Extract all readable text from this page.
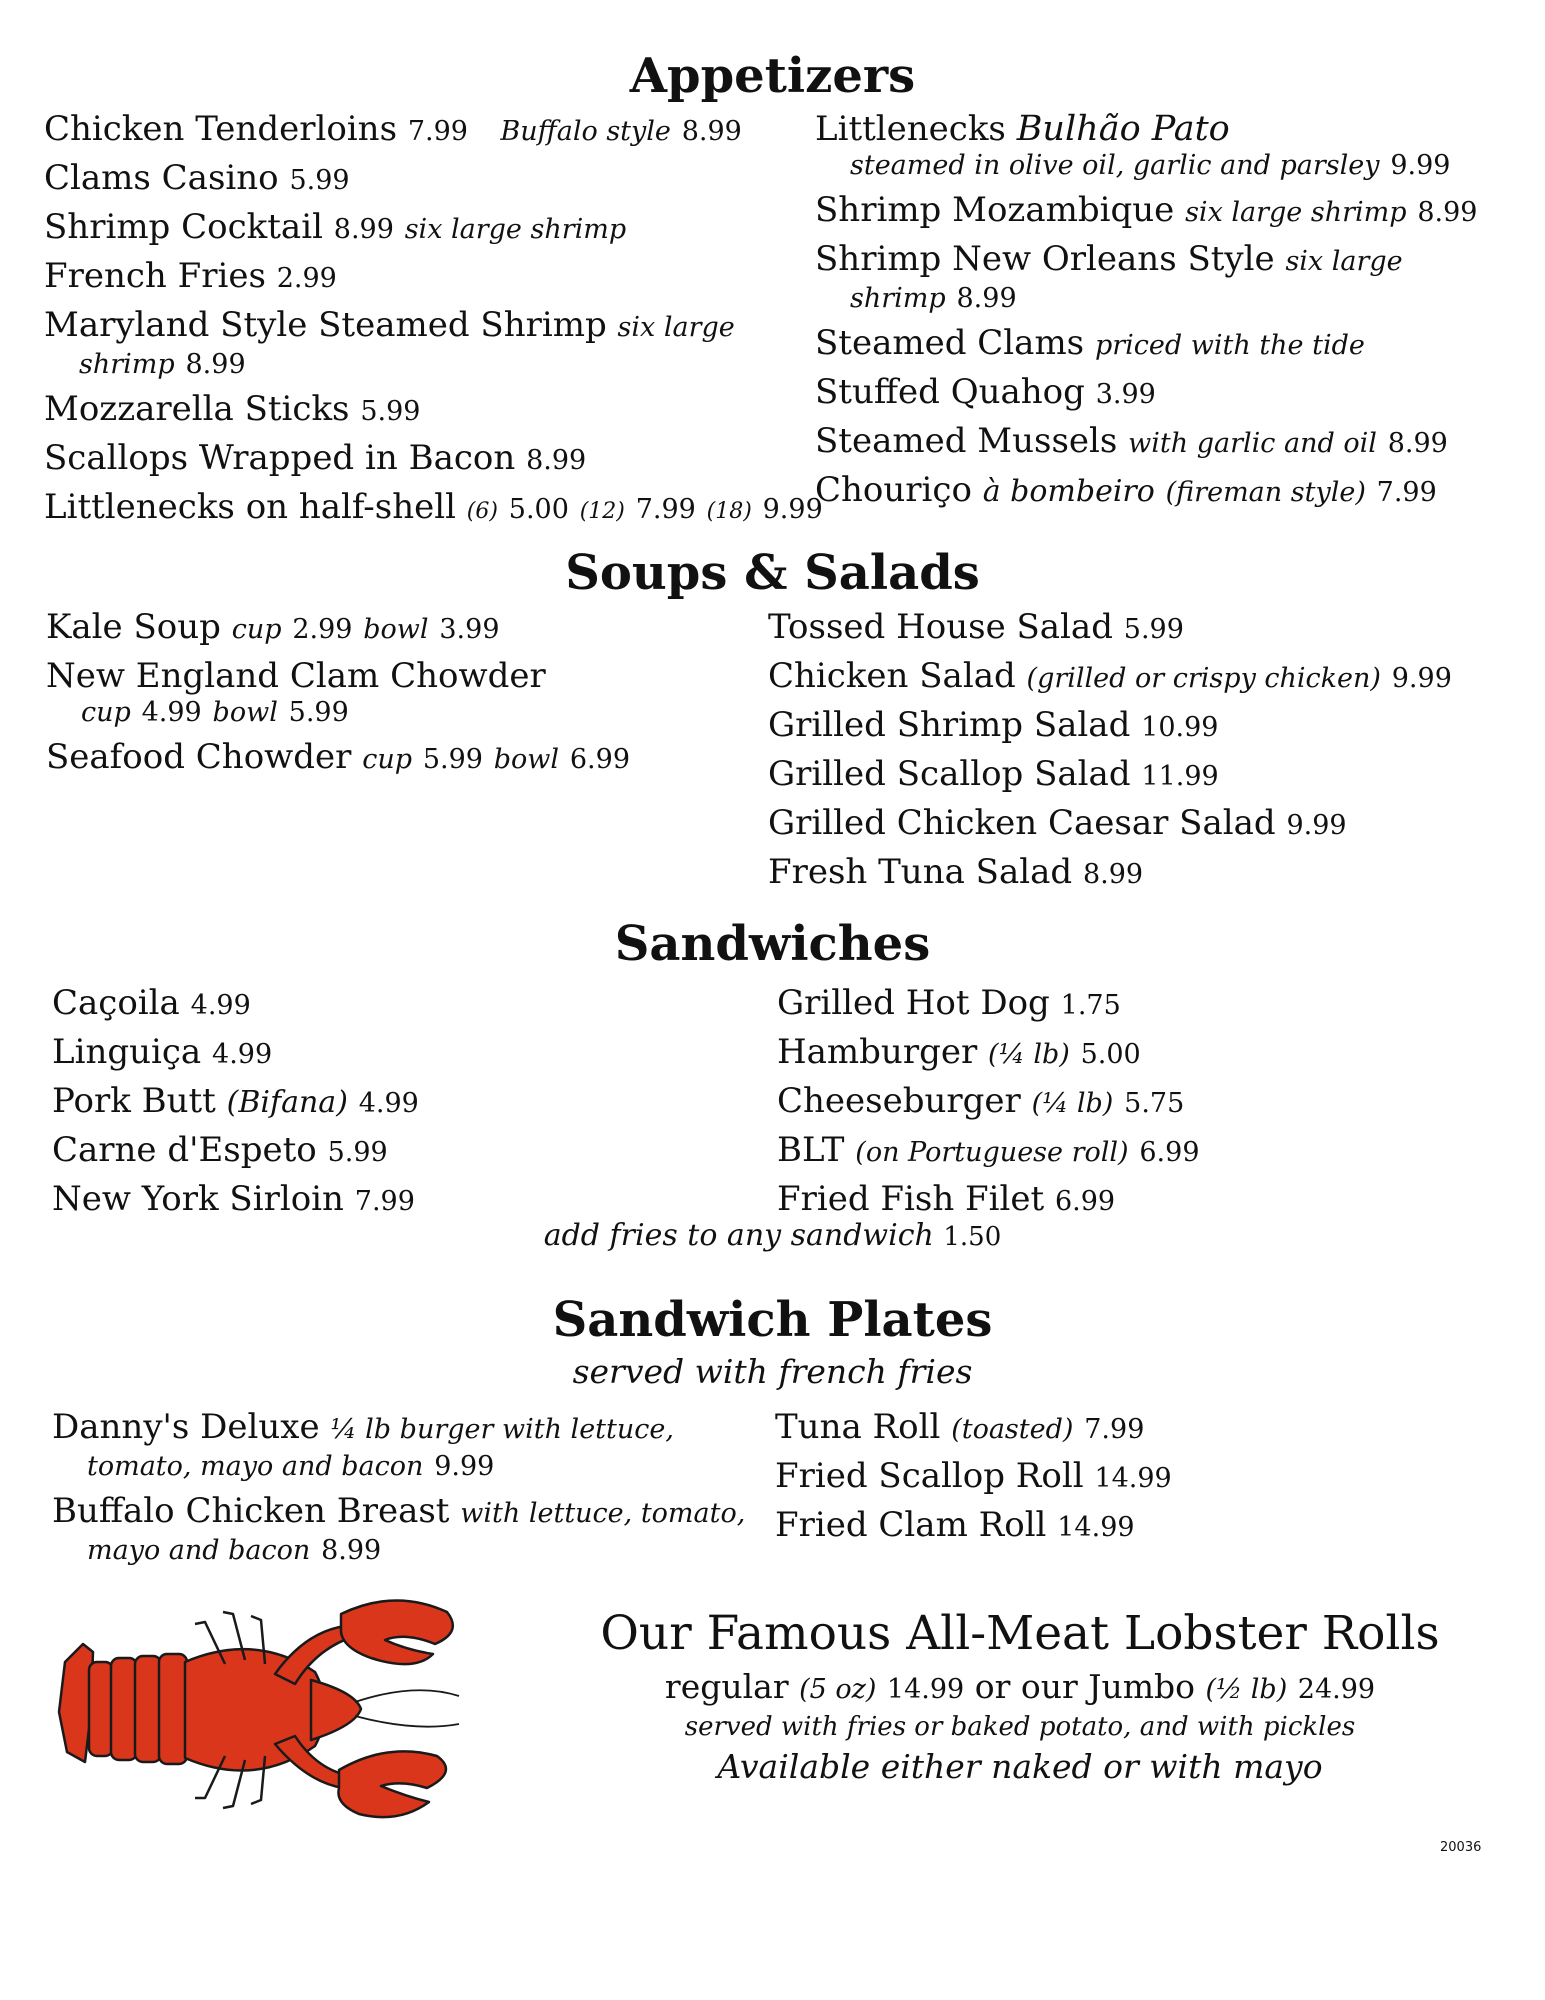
Appetizers
Chicken Tenderloins 7.99 Buffalo style 8.99
Clams Casino 5.99
Shrimp Cocktail 8.99 six large shrimp
French Fries 2.99
Maryland Style Steamed Shrimp six large
shrimp 8.99
Mozzarella Sticks 5.99
Scallops Wrapped in Bacon 8.99
Littlenecks on half-shell (6) 5.00 (12) 7.99 (18) 9.99
Littlenecks Bulhão Pato
steamed in olive oil, garlic and parsley 9.99
Shrimp Mozambique six large shrimp 8.99
Shrimp New Orleans Style six large
shrimp 8.99
Steamed Clams priced with the tide
Stuffed Quahog 3.99
Steamed Mussels with garlic and oil 8.99
Chouriço à bombeiro (fireman style) 7.99
Soups & Salads
Kale Soup cup 2.99 bowl 3.99
New England Clam Chowder
cup 4.99 bowl 5.99
Seafood Chowder cup 5.99 bowl 6.99
Tossed House Salad 5.99
Chicken Salad (grilled or crispy chicken) 9.99
Grilled Shrimp Salad 10.99
Grilled Scallop Salad 11.99
Grilled Chicken Caesar Salad 9.99
Fresh Tuna Salad 8.99
Sandwiches
Caçoila 4.99
Linguiça 4.99
Pork Butt (Bifana) 4.99
Carne d'Espeto 5.99
New York Sirloin 7.99
Grilled Hot Dog 1.75
Hamburger (¼ lb) 5.00
Cheeseburger (¼ lb) 5.75
BLT (on Portuguese roll) 6.99
Fried Fish Filet 6.99
add fries to any sandwich 1.50
Sandwich Plates
served with french fries
Danny's Deluxe ¼ lb burger with lettuce,
tomato, mayo and bacon 9.99
Buffalo Chicken Breast with lettuce, tomato,
mayo and bacon 8.99
Tuna Roll (toasted) 7.99
Fried Scallop Roll 14.99
Fried Clam Roll 14.99
Our Famous All-Meat Lobster Rolls
regular (5 oz) 14.99 or our Jumbo (½ lb) 24.99
served with fries or baked potato, and with pickles
Available either naked or with mayo
20036
